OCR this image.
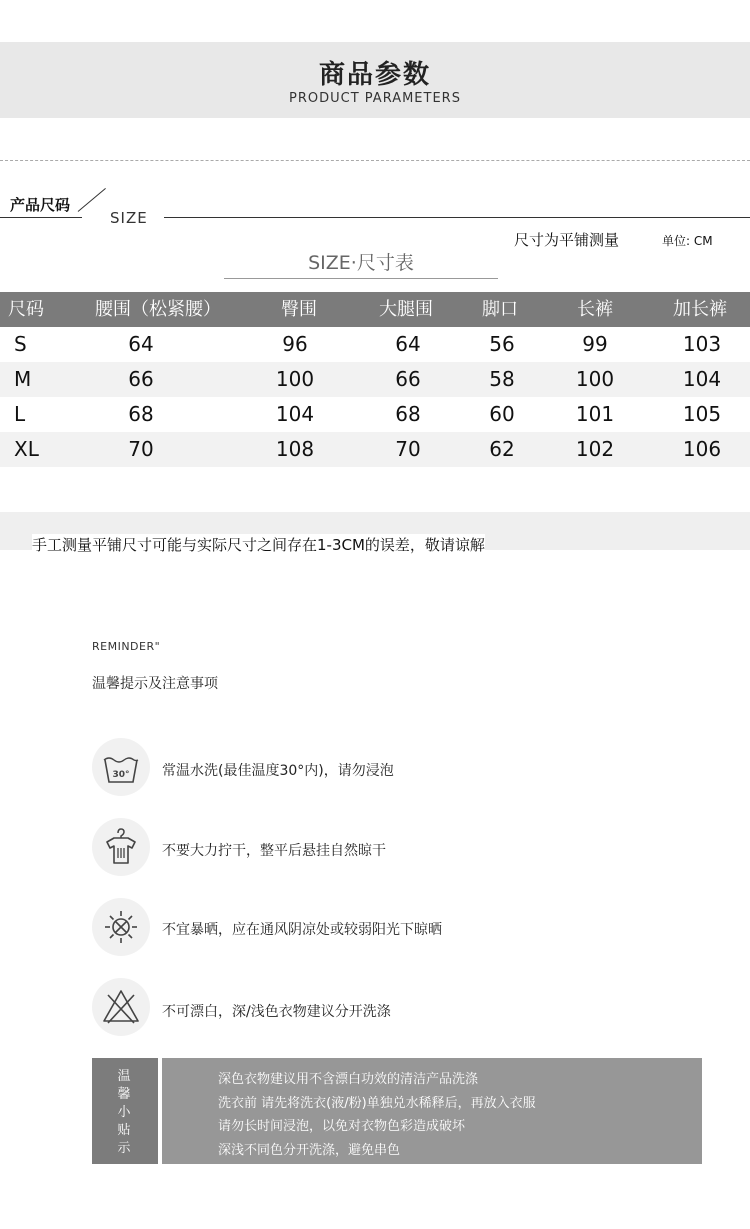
商品参数
PRODUCT PARAMETERS
产品尺码
SIZE
尺寸为平铺测量	单位: CM
SIZE·尺寸表
尺码	腰围（松紧腰）	臀围	大腿围	脚口	长裤	加长裤
S	64	96	64	56	99	103
M	66	100	66	58	100	104
L	68	104	68	60	101	105
XL	70	108	70	62	102	106
手工测量平铺尺寸可能与实际尺寸之间存在1-3CM的误差，敬请谅解
REMINDER"
温馨提示及注意事项
30° 常温水洗(最佳温度30°内)，请勿浸泡
不要大力拧干，整平后悬挂自然晾干
不宜暴晒，应在通风阴凉处或较弱阳光下晾晒
不可漂白，深/浅色衣物建议分开洗涤
温馨小贴示
深色衣物建议用不含漂白功效的清洁产品洗涤
洗衣前 请先将洗衣(液/粉)单独兑水稀释后，再放入衣服
请勿长时间浸泡，以免对衣物色彩造成破坏
深浅不同色分开洗涤，避免串色
